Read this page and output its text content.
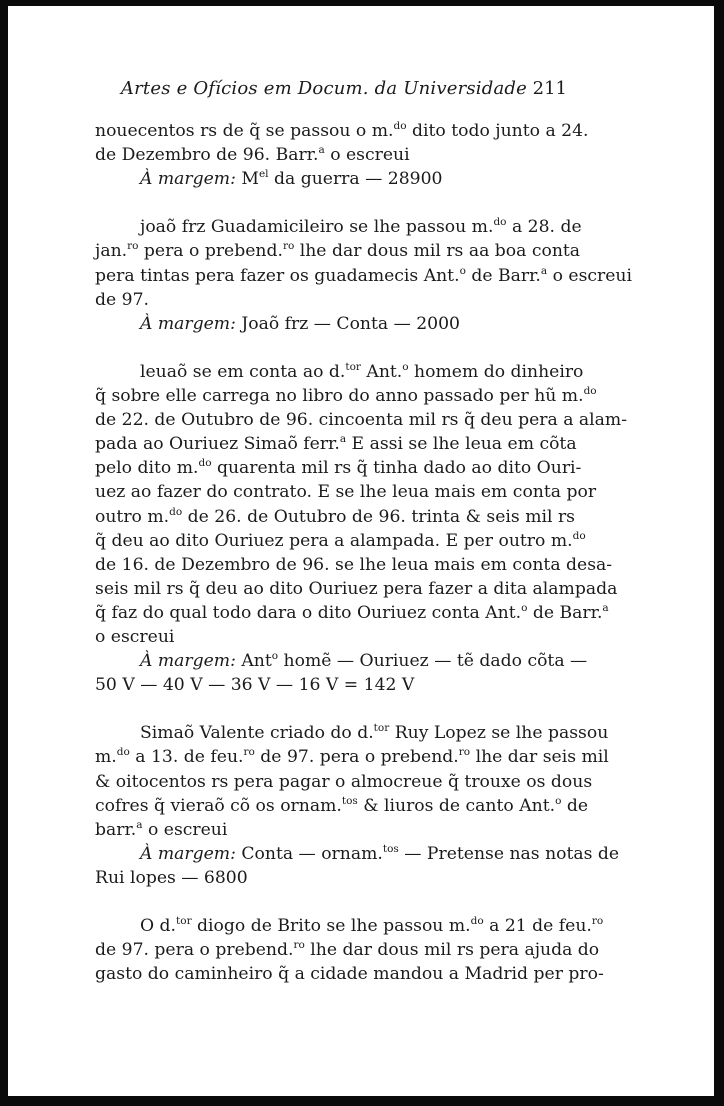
Artes e Ofícios em Docum. da Universidade 211
nouecentos rs de q̃ se passou o m.$^{do}$ dito todo junto a 24.
de Dezembro de 96. Barr.$^a$ o escreui
À margem: $M^{el}$ da guerra — 28900
joaõ frz Guadamicileiro se lhe passou m.$^{do}$ a 28. de
jan.$^{ro}$ pera o prebend.$^{ro}$ lhe dar dous mil rs aa boa conta
pera tintas pera fazer os guadamecis Ant.$^o$ de Barr.$^a$ o escreui
de 97.
À margem: Joaõ frz — Conta — 2000
leuaõ se em conta ao d.$^{tor}$ Ant.$^o$ homem do dinheiro
q̃ sobre elle carrega no libro do anno passado per hũ m.$^{do}$
de 22. de Outubro de 96. cincoenta mil rs q̃ deu pera a alam-
pada ao Ouriuez Simaõ ferr.$^a$ E assi se lhe leua em cõta
pelo dito m.$^{do}$ quarenta mil rs q̃ tinha dado ao dito Ouri-
uez ao fazer do contrato. E se lhe leua mais em conta por
outro m.$^{do}$ de 26. de Outubro de 96. trinta & seis mil rs
q̃ deu ao dito Ouriuez pera a alampada. E per outro m.$^{do}$
de 16. de Dezembro de 96. se lhe leua mais em conta desa-
seis mil rs q̃ deu ao dito Ouriuez pera fazer a dita alampada
q̃ faz do qual todo dara o dito Ouriuez conta Ant.$^o$ de Barr.$^a$
o escreui
À margem: Ant$^o$ homẽ — Ouriuez — tẽ dado cõta —
50 V — 40 V — 36 V — 16 V = 142 V
Simaõ Valente criado do d.$^{tor}$ Ruy Lopez se lhe passou
m.$^{do}$ a 13. de feu.$^{ro}$ de 97. pera o prebend.$^{ro}$ lhe dar seis mil
& oitocentos rs pera pagar o almocreue q̃ trouxe os dous
cofres q̃ vieraõ cõ os ornam.$^{tos}$ & liuros de canto Ant.$^o$ de
barr.$^a$ o escreui
À margem: Conta — ornam.$^{tos}$ — Pretense nas notas de
Rui lopes — 6800
O d.$^{tor}$ diogo de Brito se lhe passou m.$^{do}$ a 21 de feu.$^{ro}$
de 97. pera o prebend.$^{ro}$ lhe dar dous mil rs pera ajuda do
gasto do caminheiro q̃ a cidade mandou a Madrid per pro-
